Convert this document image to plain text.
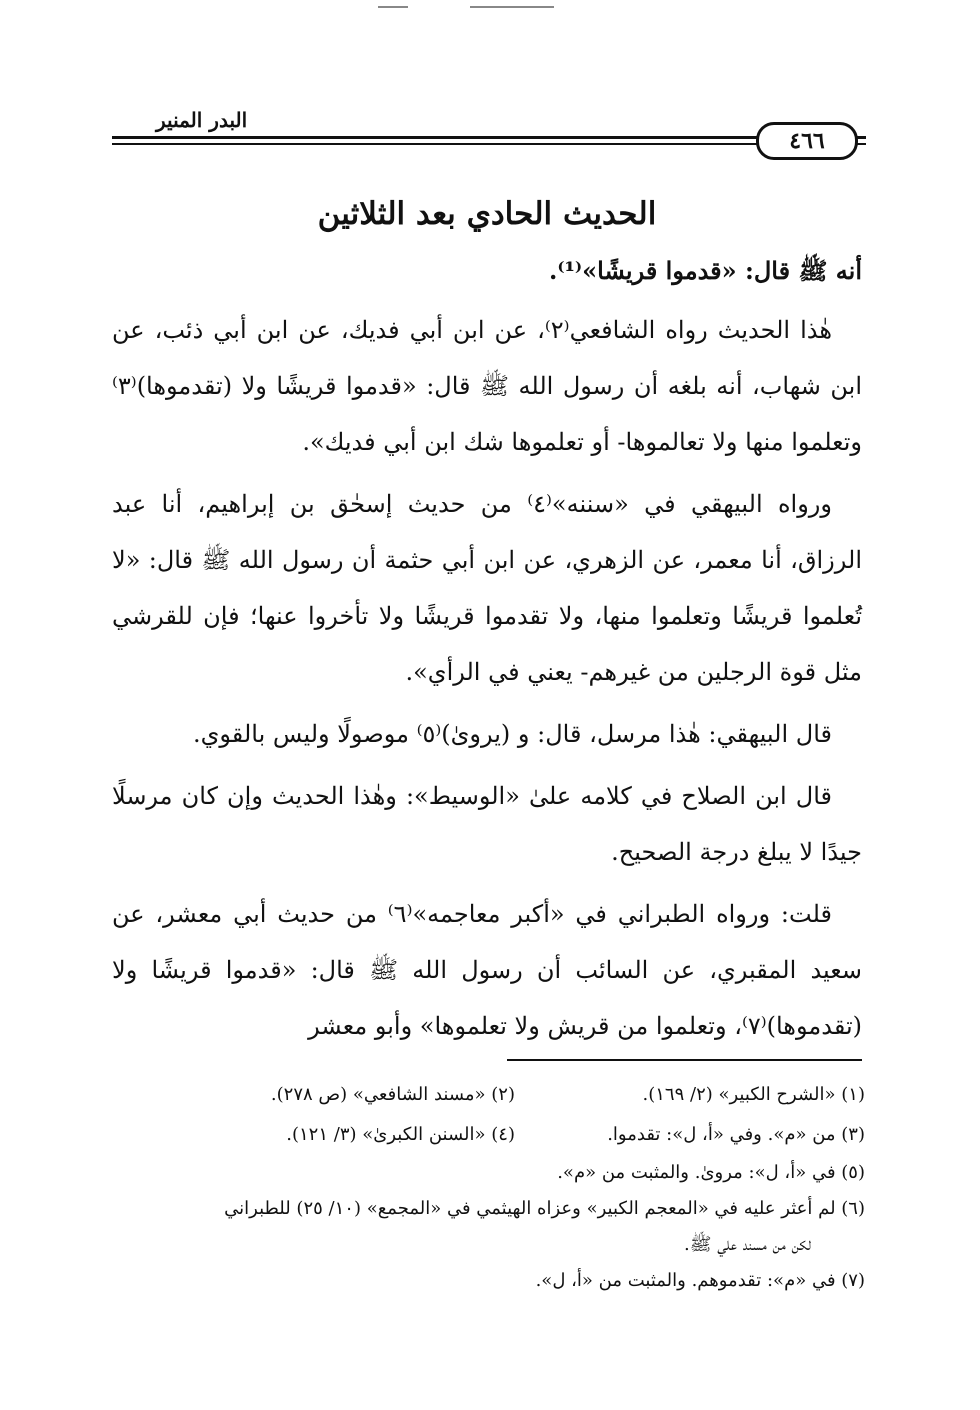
البدر المنير
٤٦٦
الحديث الحادي بعد الثلاثين
أنه ﷺ قال: «قدموا قريشًا»⁽¹⁾.

هٰذا الحديث رواه الشافعي⁽٢⁾، عن ابن أبي فديك، عن ابن أبي ذئب، عن ابن شهاب، أنه بلغه أن رسول الله ﷺ قال: «قدموا قريشًا ولا (تقدموها)⁽٣⁾ وتعلموا منها ولا تعالموها- أو تعلموها شك ابن أبي فديك».

ورواه البيهقي في «سننه»⁽٤⁾ من حديث إسحٰق بن إبراهيم، أنا عبد الرزاق، أنا معمر، عن الزهري، عن ابن أبي حثمة أن رسول الله ﷺ قال: «لا تُعلموا قريشًا وتعلموا منها، ولا تقدموا قريشًا ولا تأخروا عنها؛ فإن للقرشي مثل قوة الرجلين من غيرهم- يعني في الرأي».

قال البيهقي: هٰذا مرسل، قال: و (يروىٰ)⁽٥⁾ موصولًا وليس بالقوي.

قال ابن الصلاح في كلامه علىٰ «الوسيط»: وهٰذا الحديث وإن كان مرسلًا جيدًا لا يبلغ درجة الصحيح.

قلت: ورواه الطبراني في «أكبر معاجمه»⁽٦⁾ من حديث أبي معشر، عن سعيد المقبري، عن السائب أن رسول الله ﷺ قال: «قدموا قريشًا ولا (تقدموها)⁽٧⁾، وتعلموا من قريش ولا تعلموها» وأبو معشر

(١) «الشرح الكبير» (٢/ ١٦٩).
(٢) «مسند الشافعي» (ص ٢٧٨).
(٣) من «م». وفي «أ، ل»: تقدموا.
(٤) «السنن الكبرىٰ» (٣/ ١٢١).
(٥) في «أ، ل»: مروىٰ. والمثبت من «م».
(٦) لم أعثر عليه في «المعجم الكبير» وعزاه الهيثمي في «المجمع» (١٠/ ٢٥) للطبراني
لكن من مسند علي ﷺ.
(٧) في «م»: تقدموهم. والمثبت من «أ، ل».
